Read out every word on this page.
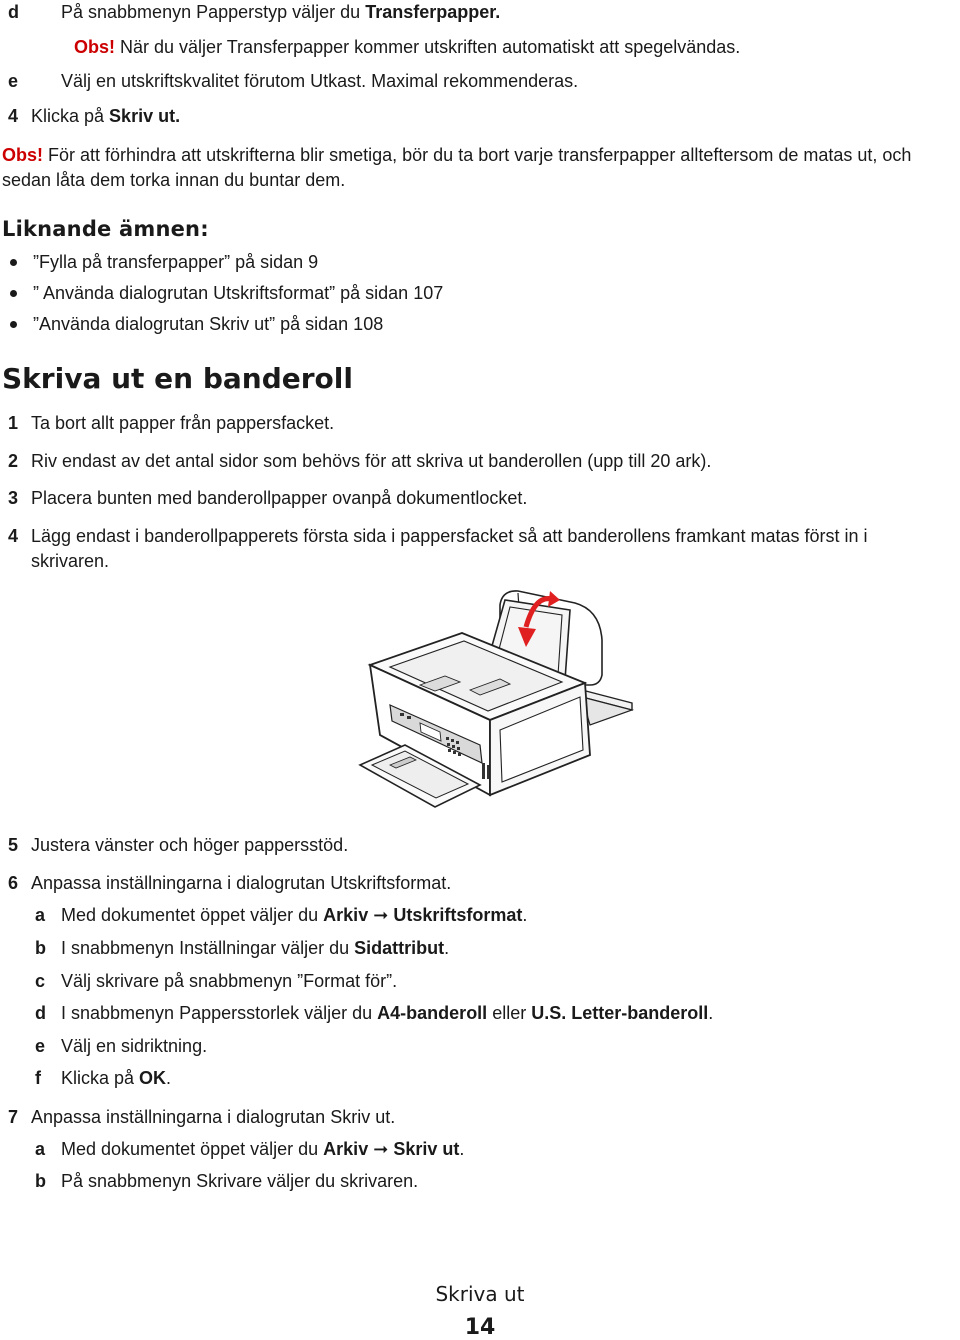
d På snabbmenyn Papperstyp väljer du Transferpapper.
Obs! När du väljer Transferpapper kommer utskriften automatiskt att spegelvändas.
e Välj en utskriftskvalitet förutom Utkast. Maximal rekommenderas.
4 Klicka på Skriv ut.
Obs! För att förhindra att utskrifterna blir smetiga, bör du ta bort varje transferpapper allteftersom de matas ut, och
sedan låta dem torka innan du buntar dem.
Liknande ämnen:
”Fylla på transferpapper” på sidan 9
” Använda dialogrutan Utskriftsformat” på sidan 107
”Använda dialogrutan Skriv ut” på sidan 108
Skriva ut en banderoll
1 Ta bort allt papper från pappersfacket.
2 Riv endast av det antal sidor som behövs för att skriva ut banderollen (upp till 20 ark).
3 Placera bunten med banderollpapper ovanpå dokumentlocket.
4 Lägg endast i banderollpapperets första sida i pappersfacket så att banderollens framkant matas först in i
skrivaren.
5 Justera vänster och höger pappersstöd.
6 Anpassa inställningarna i dialogrutan Utskriftsformat.
a Med dokumentet öppet väljer du Arkiv ➞ Utskriftsformat.
b I snabbmenyn Inställningar väljer du Sidattribut.
c Välj skrivare på snabbmenyn ”Format för”.
d I snabbmenyn Pappersstorlek väljer du A4-banderoll eller U.S. Letter-banderoll.
e Välj en sidriktning.
f Klicka på OK.
7 Anpassa inställningarna i dialogrutan Skriv ut.
a Med dokumentet öppet väljer du Arkiv ➞ Skriv ut.
b På snabbmenyn Skrivare väljer du skrivaren.
Skriva ut
14
